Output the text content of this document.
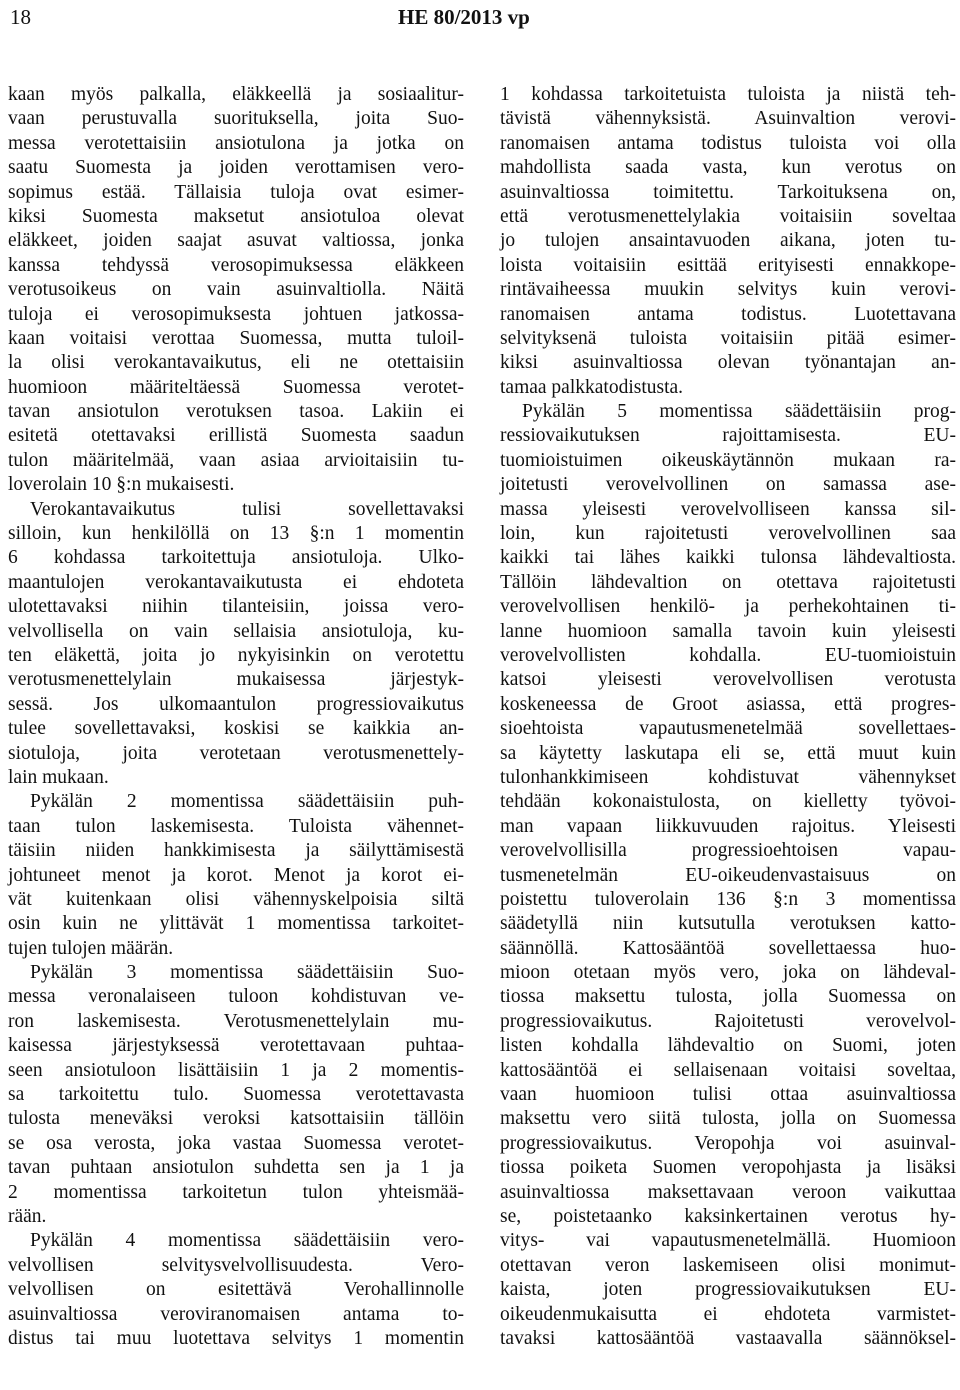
18	HE 80/2013 vp
kaan myös palkalla, eläkkeellä ja sosiaalitur-
vaan perustuvalla suorituksella, joita Suo-
messa verotettaisiin ansiotulona ja jotka on
saatu Suomesta ja joiden verottamisen vero-
sopimus estää. Tällaisia tuloja ovat esimer-
kiksi Suomesta maksetut ansiotuloa olevat
eläkkeet, joiden saajat asuvat valtiossa, jonka
kanssa tehdyssä verosopimuksessa eläkkeen
verotusoikeus on vain asuinvaltiolla. Näitä
tuloja ei verosopimuksesta johtuen jatkossa-
kaan voitaisi verottaa Suomessa, mutta tuloil-
la olisi verokantavaikutus, eli ne otettaisiin
huomioon määriteltäessä Suomessa verotet-
tavan ansiotulon verotuksen tasoa. Lakiin ei
esitetä otettavaksi erillistä Suomesta saadun
tulon määritelmää, vaan asiaa arvioitaisiin tu-
loverolain 10 §:n mukaisesti.
Verokantavaikutus tulisi sovellettavaksi
silloin, kun henkilöllä on 13 §:n 1 momentin
6 kohdassa tarkoitettuja ansiotuloja. Ulko-
maantulojen verokantavaikutusta ei ehdoteta
ulotettavaksi niihin tilanteisiin, joissa vero-
velvollisella on vain sellaisia ansiotuloja, ku-
ten eläkettä, joita jo nykyisinkin on verotettu
verotusmenettelylain mukaisessa järjestyk-
sessä. Jos ulkomaantulon progressiovaikutus
tulee sovellettavaksi, koskisi se kaikkia an-
siotuloja, joita verotetaan verotusmenettely-
lain mukaan.
Pykälän 2 momentissa säädettäisiin puh-
taan tulon laskemisesta. Tuloista vähennet-
täisiin niiden hankkimisesta ja säilyttämisestä
johtuneet menot ja korot. Menot ja korot ei-
vät kuitenkaan olisi vähennyskelpoisia siltä
osin kuin ne ylittävät 1 momentissa tarkoitet-
tujen tulojen määrän.
Pykälän 3 momentissa säädettäisiin Suo-
messa veronalaiseen tuloon kohdistuvan ve-
ron laskemisesta. Verotusmenettelylain mu-
kaisessa järjestyksessä verotettavaan puhtaa-
seen ansiotuloon lisättäisiin 1 ja 2 momentis-
sa tarkoitettu tulo. Suomessa verotettavasta
tulosta meneväksi veroksi katsottaisiin tällöin
se osa verosta, joka vastaa Suomessa verotet-
tavan puhtaan ansiotulon suhdetta sen ja 1 ja
2 momentissa tarkoitetun tulon yhteismää-
rään.
Pykälän 4 momentissa säädettäisiin vero-
velvollisen selvitysvelvollisuudesta. Vero-
velvollisen on esitettävä Verohallinnolle
asuinvaltiossa veroviranomaisen antama to-
distus tai muu luotettava selvitys 1 momentin
1 kohdassa tarkoitetuista tuloista ja niistä teh-
tävistä vähennyksistä. Asuinvaltion verovi-
ranomaisen antama todistus tuloista voi olla
mahdollista saada vasta, kun verotus on
asuinvaltiossa toimitettu. Tarkoituksena on,
että verotusmenettelylakia voitaisiin soveltaa
jo tulojen ansaintavuoden aikana, joten tu-
loista voitaisiin esittää erityisesti ennakkope-
rintävaiheessa muukin selvitys kuin verovi-
ranomaisen antama todistus. Luotettavana
selvityksenä tuloista voitaisiin pitää esimer-
kiksi asuinvaltiossa olevan työnantajan an-
tamaa palkkatodistusta.
Pykälän 5 momentissa säädettäisiin prog-
ressiovaikutuksen rajoittamisesta. EU-
tuomioistuimen oikeuskäytännön mukaan ra-
joitetusti verovelvollinen on samassa ase-
massa yleisesti verovelvolliseen kanssa sil-
loin, kun rajoitetusti verovelvollinen saa
kaikki tai lähes kaikki tulonsa lähdevaltiosta.
Tällöin lähdevaltion on otettava rajoitetusti
verovelvollisen henkilö- ja perhekohtainen ti-
lanne huomioon samalla tavoin kuin yleisesti
verovelvollisten kohdalla. EU-tuomioistuin
katsoi yleisesti verovelvollisen verotusta
koskeneessa de Groot asiassa, että progres-
sioehtoista vapautusmenetelmää sovellettaes-
sa käytetty laskutapa eli se, että muut kuin
tulonhankkimiseen kohdistuvat vähennykset
tehdään kokonaistulosta, on kielletty työvoi-
man vapaan liikkuvuuden rajoitus. Yleisesti
verovelvollisilla progressioehtoisen vapau-
tusmenetelmän EU-oikeudenvastaisuus on
poistettu tuloverolain 136 §:n 3 momentissa
säädetyllä niin kutsutulla verotuksen katto-
säännöllä. Kattosääntöä sovellettaessa huo-
mioon otetaan myös vero, joka on lähdeval-
tiossa maksettu tulosta, jolla Suomessa on
progressiovaikutus. Rajoitetusti verovelvol-
listen kohdalla lähdevaltio on Suomi, joten
kattosääntöä ei sellaisenaan voitaisi soveltaa,
vaan huomioon tulisi ottaa asuinvaltiossa
maksettu vero siitä tulosta, jolla on Suomessa
progressiovaikutus. Veropohja voi asuinval-
tiossa poiketa Suomen veropohjasta ja lisäksi
asuinvaltiossa maksettavaan veroon vaikuttaa
se, poistetaanko kaksinkertainen verotus hy-
vitys- vai vapautusmenetelmällä. Huomioon
otettavan veron laskemiseen olisi monimut-
kaista, joten progressiovaikutuksen EU-
oikeudenmukaisutta ei ehdoteta varmistet-
tavaksi kattosääntöä vastaavalla säännöksel-
